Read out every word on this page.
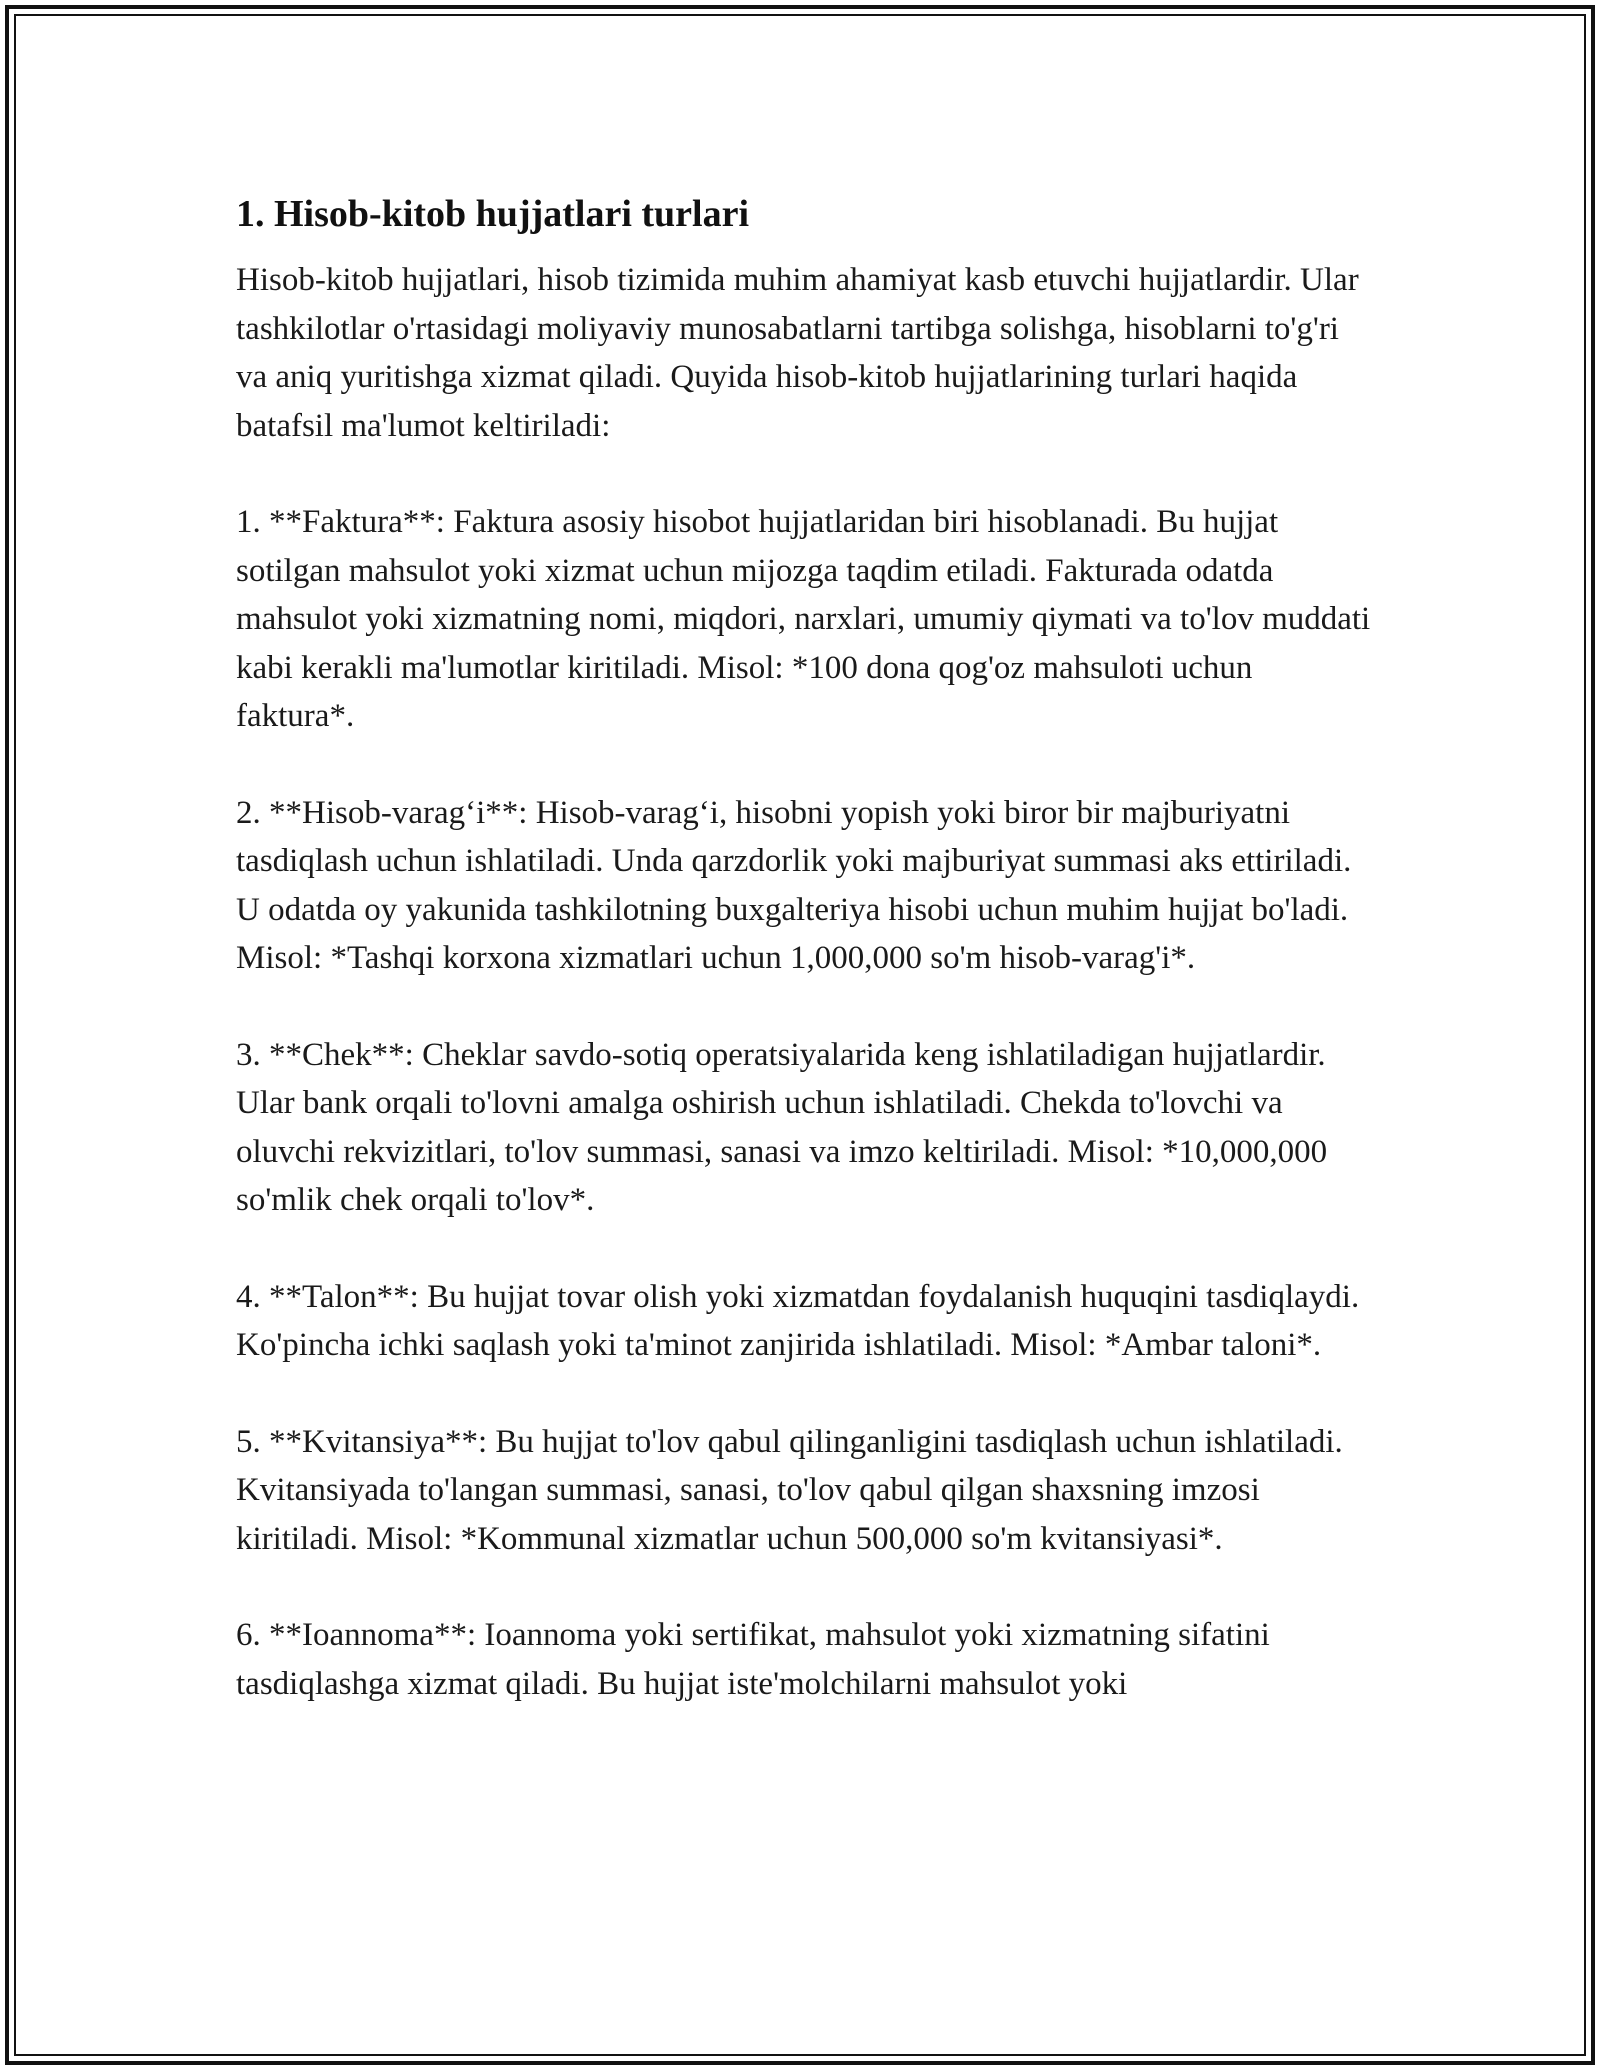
1. Hisob-kitob hujjatlari turlari

Hisob-kitob hujjatlari, hisob tizimida muhim ahamiyat kasb etuvchi hujjatlardir. Ular tashkilotlar o'rtasidagi moliyaviy munosabatlarni tartibga solishga, hisoblarni to'g'ri va aniq yuritishga xizmat qiladi. Quyida hisob-kitob hujjatlarining turlari haqida batafsil ma'lumot keltiriladi:

1. **Faktura**: Faktura asosiy hisobot hujjatlaridan biri hisoblanadi. Bu hujjat sotilgan mahsulot yoki xizmat uchun mijozga taqdim etiladi. Fakturada odatda mahsulot yoki xizmatning nomi, miqdori, narxlari, umumiy qiymati va to'lov muddati kabi kerakli ma'lumotlar kiritiladi. Misol: *100 dona qog'oz mahsuloti uchun faktura*.

2. **Hisob-varag‘i**: Hisob-varag‘i, hisobni yopish yoki biror bir majburiyatni tasdiqlash uchun ishlatiladi. Unda qarzdorlik yoki majburiyat summasi aks ettiriladi. U odatda oy yakunida tashkilotning buxgalteriya hisobi uchun muhim hujjat bo'ladi.  Misol: *Tashqi korxona xizmatlari uchun 1,000,000 so'm hisob-varag'i*.

3. **Chek**: Cheklar savdo-sotiq operatsiyalarida keng ishlatiladigan hujjatlardir. Ular bank orqali to'lovni amalga oshirish uchun ishlatiladi. Chekda to'lovchi va oluvchi rekvizitlari, to'lov summasi, sanasi va imzo keltiriladi. Misol: *10,000,000 so'mlik chek orqali to'lov*.

4. **Talon**: Bu hujjat tovar olish yoki xizmatdan foydalanish huquqini tasdiqlaydi. Ko'pincha ichki saqlash yoki ta'minot zanjirida ishlatiladi. Misol: *Ambar taloni*.

5. **Kvitansiya**: Bu hujjat to'lov qabul qilinganligini tasdiqlash uchun ishlatiladi. Kvitansiyada to'langan summasi, sanasi, to'lov qabul qilgan shaxsning imzosi kiritiladi. Misol: *Kommunal xizmatlar uchun 500,000 so'm kvitansiyasi*.

6. **Ioannoma**: Ioannoma yoki sertifikat, mahsulot yoki xizmatning sifatini tasdiqlashga xizmat qiladi. Bu hujjat iste'molchilarni mahsulot yoki
